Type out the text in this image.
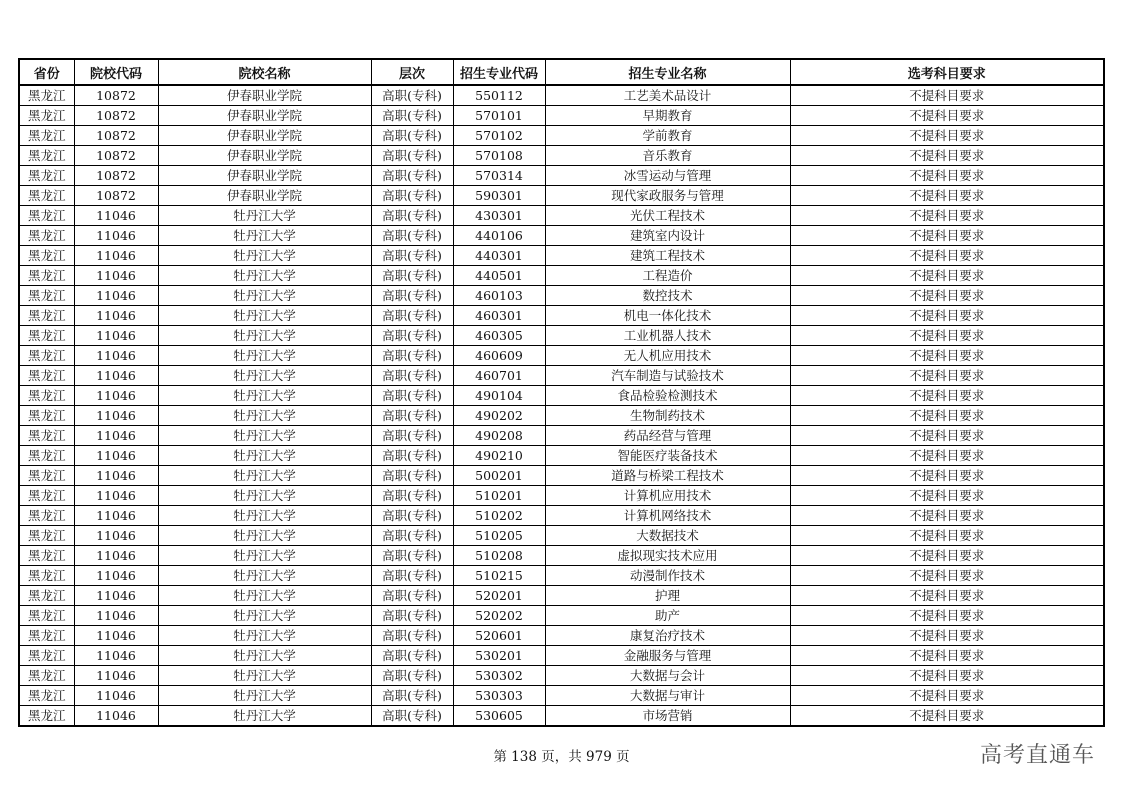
省份	院校代码	院校名称	层次	招生专业代码	招生专业名称	选考科目要求
黑龙江	10872	伊春职业学院	高职(专科)	550112	工艺美术品设计	不提科目要求
黑龙江	10872	伊春职业学院	高职(专科)	570101	早期教育	不提科目要求
黑龙江	10872	伊春职业学院	高职(专科)	570102	学前教育	不提科目要求
黑龙江	10872	伊春职业学院	高职(专科)	570108	音乐教育	不提科目要求
黑龙江	10872	伊春职业学院	高职(专科)	570314	冰雪运动与管理	不提科目要求
黑龙江	10872	伊春职业学院	高职(专科)	590301	现代家政服务与管理	不提科目要求
黑龙江	11046	牡丹江大学	高职(专科)	430301	光伏工程技术	不提科目要求
黑龙江	11046	牡丹江大学	高职(专科)	440106	建筑室内设计	不提科目要求
黑龙江	11046	牡丹江大学	高职(专科)	440301	建筑工程技术	不提科目要求
黑龙江	11046	牡丹江大学	高职(专科)	440501	工程造价	不提科目要求
黑龙江	11046	牡丹江大学	高职(专科)	460103	数控技术	不提科目要求
黑龙江	11046	牡丹江大学	高职(专科)	460301	机电一体化技术	不提科目要求
黑龙江	11046	牡丹江大学	高职(专科)	460305	工业机器人技术	不提科目要求
黑龙江	11046	牡丹江大学	高职(专科)	460609	无人机应用技术	不提科目要求
黑龙江	11046	牡丹江大学	高职(专科)	460701	汽车制造与试验技术	不提科目要求
黑龙江	11046	牡丹江大学	高职(专科)	490104	食品检验检测技术	不提科目要求
黑龙江	11046	牡丹江大学	高职(专科)	490202	生物制药技术	不提科目要求
黑龙江	11046	牡丹江大学	高职(专科)	490208	药品经营与管理	不提科目要求
黑龙江	11046	牡丹江大学	高职(专科)	490210	智能医疗装备技术	不提科目要求
黑龙江	11046	牡丹江大学	高职(专科)	500201	道路与桥梁工程技术	不提科目要求
黑龙江	11046	牡丹江大学	高职(专科)	510201	计算机应用技术	不提科目要求
黑龙江	11046	牡丹江大学	高职(专科)	510202	计算机网络技术	不提科目要求
黑龙江	11046	牡丹江大学	高职(专科)	510205	大数据技术	不提科目要求
黑龙江	11046	牡丹江大学	高职(专科)	510208	虚拟现实技术应用	不提科目要求
黑龙江	11046	牡丹江大学	高职(专科)	510215	动漫制作技术	不提科目要求
黑龙江	11046	牡丹江大学	高职(专科)	520201	护理	不提科目要求
黑龙江	11046	牡丹江大学	高职(专科)	520202	助产	不提科目要求
黑龙江	11046	牡丹江大学	高职(专科)	520601	康复治疗技术	不提科目要求
黑龙江	11046	牡丹江大学	高职(专科)	530201	金融服务与管理	不提科目要求
黑龙江	11046	牡丹江大学	高职(专科)	530302	大数据与会计	不提科目要求
黑龙江	11046	牡丹江大学	高职(专科)	530303	大数据与审计	不提科目要求
黑龙江	11046	牡丹江大学	高职(专科)	530605	市场营销	不提科目要求
第 138 页，共 979 页	高考直通车
